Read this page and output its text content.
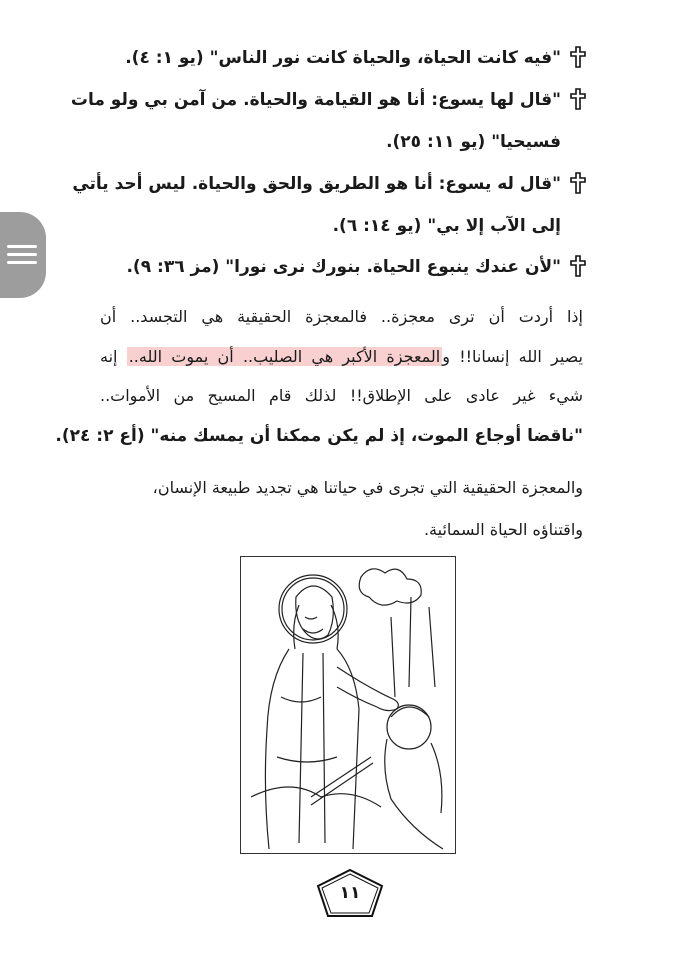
"فيه كانت الحياة، والحياة كانت نور الناس" (يو ١: ٤).
"قال لها يسوع: أنا هو القيامة والحياة. من آمن بي ولو مات
فسيحيا" (يو ١١: ٢٥).
"قال له يسوع: أنا هو الطريق والحق والحياة. ليس أحد يأتي
إلى الآب إلا بي" (يو ١٤: ٦).
"لأن عندك ينبوع الحياة. بنورك نرى نورا" (مز ٣٦: ٩).
إذا أردت أن ترى معجزة.. فالمعجزة الحقيقية هي التجسد.. أن
يصير الله إنسانا!! والمعجزة الأكبر هي الصليب.. أن يموت الله.. إنه
شيء غير عادى على الإطلاق!! لذلك قام المسيح من الأموات..
"ناقضا أوجاع الموت، إذ لم يكن ممكنا أن يمسك منه" (أع ٢: ٢٤).
والمعجزة الحقيقية التي تجرى في حياتنا هي تجديد طبيعة الإنسان،
واقتناؤه الحياة السمائية.
١١
